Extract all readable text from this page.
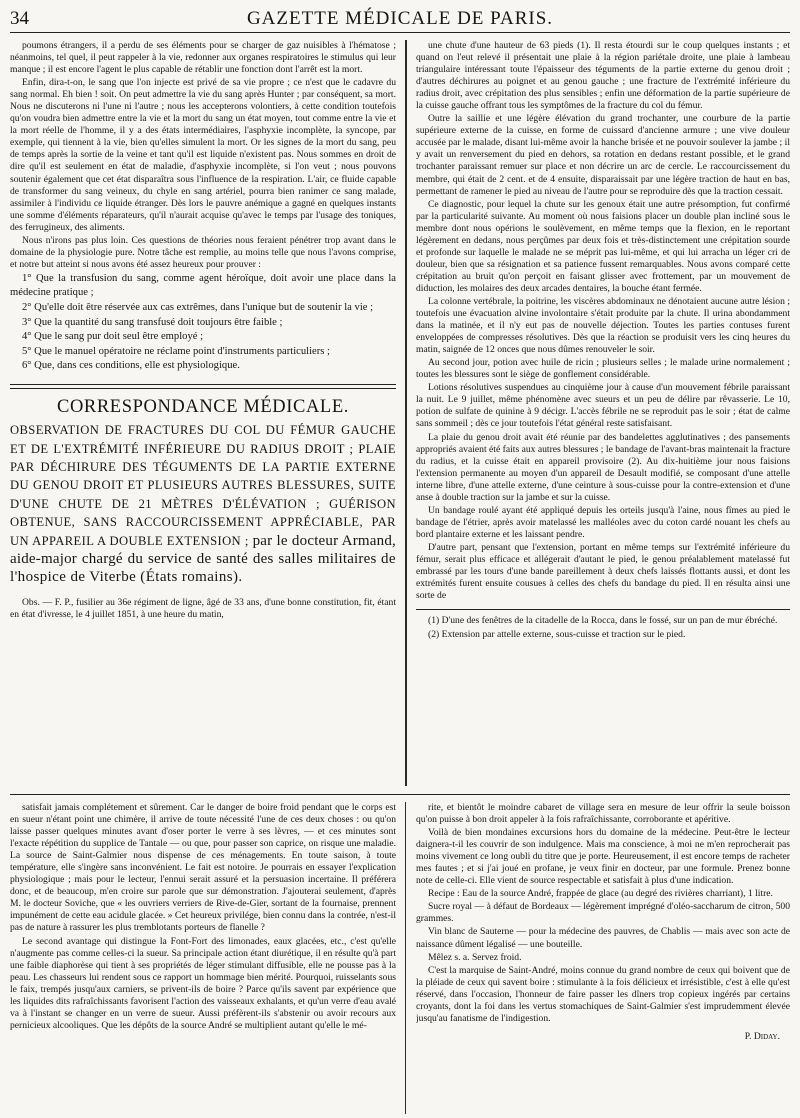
34	GAZETTE MÉDICALE DE PARIS.

poumons étrangers, il a perdu de ses éléments pour se charger de gaz nuisibles à l'hématose ; néanmoins, tel quel, il peut rappeler à la vie, redonner aux organes respiratoires le stimulus qui leur manque ; il est encore l'agent le plus capable de rétablir une fonction dont l'arrêt est la mort.

Enfin, dira-t-on, le sang que l'on injecte est privé de sa vie propre ; ce n'est que le cadavre du sang normal. Eh bien ! soit. On peut admettre la vie du sang après Hunter ; par conséquent, sa mort. Nous ne discuterons ni l'une ni l'autre ; nous les accepterons volontiers, à cette condition toutefois qu'on voudra bien admettre entre la vie et la mort du sang un état moyen, tout comme entre la vie et la mort réelle de l'homme, il y a des états intermédiaires, l'asphyxie incomplète, la syncope, par exemple, qui tiennent à la vie, bien qu'elles simulent la mort. Or les signes de la mort du sang, peu de temps après la sortie de la veine et tant qu'il est liquide n'existent pas. Nous sommes en droit de dire qu'il est seulement en état de maladie, d'asphyxie incomplète, si l'on veut ; nous pouvons soutenir également que cet état disparaîtra sous l'influence de la respiration. L'air, ce fluide capable de transformer du sang veineux, du chyle en sang artériel, pourra bien ranimer ce sang malade, assimiler à l'individu ce liquide étranger. Dès lors le pauvre anémique a gagné en quelques instants une somme d'éléments réparateurs, qu'il n'aurait acquise qu'avec le temps par l'usage des toniques, des ferrugineux, des aliments.

Nous n'irons pas plus loin. Ces questions de théories nous feraient pénétrer trop avant dans le domaine de la physiologie pure. Notre tâche est remplie, au moins telle que nous l'avons comprise, et notre but atteint si nous avons été assez heureux pour prouver :

1° Que la transfusion du sang, comme agent héroïque, doit avoir une place dans la médecine pratique ;

2° Qu'elle doit être réservée aux cas extrêmes, dans l'unique but de soutenir la vie ;

3° Que la quantité du sang transfusé doit toujours être faible ;

4° Que le sang pur doit seul être employé ;

5° Que le manuel opératoire ne réclame point d'instruments particuliers ;

6° Que, dans ces conditions, elle est physiologique.

CORRESPONDANCE MÉDICALE.

OBSERVATION DE FRACTURES DU COL DU FÉMUR GAUCHE ET DE L'EXTRÉMITÉ INFÉRIEURE DU RADIUS DROIT ; PLAIE PAR DÉCHIRURE DES TÉGUMENTS DE LA PARTIE EXTERNE DU GENOU DROIT ET PLUSIEURS AUTRES BLESSURES, SUITE D'UNE CHUTE DE 21 MÈTRES D'ÉLÉVATION ; GUÉRISON OBTENUE, SANS RACCOURCISSEMENT APPRÉCIABLE, PAR UN APPAREIL A DOUBLE EXTENSION ; par le docteur Armand, aide-major chargé du service de santé des salles militaires de l'hospice de Viterbe (États romains).

Obs. — F. P., fusilier au 36e régiment de ligne, âgé de 33 ans, d'une bonne constitution, fit, étant en état d'ivresse, le 4 juillet 1851, à une heure du matin,

une chute d'une hauteur de 63 pieds (1). Il resta étourdi sur le coup quelques instants ; et quand on l'eut relevé il présentait une plaie à la région pariétale droite, une plaie à lambeau triangulaire intéressant toute l'épaisseur des téguments de la partie externe du genou droit ; d'autres déchirures au poignet et au genou gauche ; une fracture de l'extrémité inférieure du radius droit, avec crépitation des plus sensibles ; enfin une déformation de la partie supérieure de la cuisse gauche offrant tous les symptômes de la fracture du col du fémur.

Outre la saillie et une légère élévation du grand trochanter, une courbure de la partie supérieure externe de la cuisse, en forme de cuissard d'ancienne armure ; une vive douleur accusée par le malade, disant lui-même avoir la hanche brisée et ne pouvoir soulever la jambe ; il y avait un renversement du pied en dehors, sa rotation en dedans restant possible, et le grand trochanter paraissant remuer sur place et non décrire un arc de cercle. Le raccourcissement du membre, qui était de 2 cent. et de 4 ensuite, disparaissait par une légère traction de haut en bas, permettant de ramener le pied au niveau de l'autre pour se reproduire dès que la traction cessait.

Ce diagnostic, pour lequel la chute sur les genoux était une autre présomption, fut confirmé par la particularité suivante. Au moment où nous faisions placer un double plan incliné sous le membre dont nous opérions le soulèvement, en même temps que la flexion, en le reportant légèrement en dedans, nous perçûmes par deux fois et très-distinctement une crépitation sourde et profonde sur laquelle le malade ne se méprit pas lui-même, et qui lui arracha un léger cri de douleur, bien que sa résignation et sa patience fussent remarquables. Nous avons comparé cette crépitation au bruit qu'on perçoit en faisant glisser avec frottement, par un mouvement de diduction, les molaires des deux arcades dentaires, la bouche étant fermée.

La colonne vertébrale, la poitrine, les viscères abdominaux ne dénotaient aucune autre lésion ; toutefois une évacuation alvine involontaire s'était produite par la chute. Il urina abondamment dans la matinée, et il n'y eut pas de nouvelle déjection. Toutes les parties contuses furent enveloppées de compresses résolutives. Dès que la réaction se produisit vers les cinq heures du matin, saignée de 12 onces que nous dûmes renouveler le soir.

Au second jour, potion avec huile de ricin ; plusieurs selles ; le malade urine normalement ; toutes les blessures sont le siège de gonflement considérable.

Lotions résolutives suspendues au cinquième jour à cause d'un mouvement fébrile paraissant la nuit. Le 9 juillet, même phénomène avec sueurs et un peu de délire par rêvasserie. Le 10, potion de sulfate de quinine à 9 décigr. L'accès fébrile ne se reproduit pas le soir ; état de calme sans sommeil ; dès ce jour toutefois l'état général reste satisfaisant.

La plaie du genou droit avait été réunie par des bandelettes agglutinatives ; des pansements appropriés avaient été faits aux autres blessures ; le bandage de l'avant-bras maintenait la fracture du radius, et la cuisse était en appareil provisoire (2). Au dix-huitième jour nous faisions l'extension permanente au moyen d'un appareil de Desault modifié, se composant d'une attelle interne libre, d'une attelle externe, d'une ceinture à sous-cuisse pour la contre-extension et d'une anse à double traction sur la jambe et sur la cuisse.

Un bandage roulé ayant été appliqué depuis les orteils jusqu'à l'aine, nous fîmes au pied le bandage de l'étrier, après avoir matelassé les malléoles avec du coton cardé nouant les chefs au bord plantaire externe et les laissant pendre.

D'autre part, pensant que l'extension, portant en même temps sur l'extrémité inférieure du fémur, serait plus efficace et allégerait d'autant le pied, le genou préalablement matelassé fut embrassé par les tours d'une bande pareillement à deux chefs laissés flottants aussi, et dont les extrémités furent ensuite cousues à celles des chefs du bandage du pied. Il en résulta ainsi une sorte de

(1) D'une des fenêtres de la citadelle de la Rocca, dans le fossé, sur un pan de mur ébréché.

(2) Extension par attelle externe, sous-cuisse et traction sur le pied.

satisfait jamais complétement et sûrement. Car le danger de boire froid pendant que le corps est en sueur n'étant point une chimère, il arrive de toute nécessité l'une de ces deux choses : ou qu'on laisse passer quelques minutes avant d'oser porter le verre à ses lèvres, — et ces minutes sont l'exacte répétition du supplice de Tantale — ou que, pour passer son caprice, on risque une maladie. La source de Saint-Galmier nous dispense de ces ménagements. En toute saison, à toute température, elle s'ingère sans inconvénient. Le fait est notoire. Je pourrais en essayer l'explication physiologique ; mais pour le lecteur, l'ennui serait assuré et la persuasion incertaine. Il préférera donc, et de beaucoup, m'en croire sur parole que sur démonstration. J'ajouterai seulement, d'après M. le docteur Soviche, que « les ouvriers verriers de Rive-de-Gier, sortant de la fournaise, prennent impunément de cette eau acidule glacée. » Cet heureux privilége, bien connu dans la contrée, n'est-il pas de nature à rassurer les plus tremblotants porteurs de flanelle ?

Le second avantage qui distingue la Font-Fort des limonades, eaux glacées, etc., c'est qu'elle n'augmente pas comme celles-ci la sueur. Sa principale action étant diurétique, il en résulte qu'à part une faible diaphorèse qui tient à ses propriétés de léger stimulant diffusible, elle ne pousse pas à la peau. Les chasseurs lui rendent sous ce rapport un hommage bien mérité. Pourquoi, ruisselants sous le faix, trempés jusqu'aux carniers, se privent-ils de boire ? Parce qu'ils savent par expérience que les liquides dits rafraîchissants favorisent l'action des vaisseaux exhalants, et qu'un verre d'eau avalé va à l'instant se changer en un verre de sueur. Aussi préfèrent-ils s'abstenir ou avoir recours aux pernicieux alcooliques. Que les dépôts de la source André se multiplient autant qu'elle le mé-

rite, et bientôt le moindre cabaret de village sera en mesure de leur offrir la seule boisson qu'on puisse à bon droit appeler à la fois rafraîchissante, corroborante et apéritive.

Voilà de bien mondaines excursions hors du domaine de la médecine. Peut-être le lecteur daignera-t-il les couvrir de son indulgence. Mais ma conscience, à moi ne m'en reprocherait pas moins vivement ce long oubli du titre que je porte. Heureusement, il est encore temps de racheter mes fautes ; et si j'ai joué en profane, je veux finir en docteur, par une formule. Prenez bonne note de celle-ci. Elle vient de source respectable et satisfait à plus d'une indication.

Recipe : Eau de la source André, frappée de glace (au degré des rivières charriant), 1 litre.

Sucre royal — à défaut de Bordeaux — légèrement imprégné d'oléo-saccharum de citron, 500 grammes.

Vin blanc de Sauterne — pour la médecine des pauvres, de Chablis — mais avec son acte de naissance dûment légalisé — une bouteille.

Mêlez s. a. Servez froid.

C'est la marquise de Saint-André, moins connue du grand nombre de ceux qui boivent que de la pléiade de ceux qui savent boire : stimulante à la fois délicieux et irrésistible, c'est à elle qu'est réservé, dans l'occasion, l'honneur de faire passer les dîners trop copieux ingérés par certains croyants, dont la foi dans les vertus stomachiques de Saint-Galmier s'est imprudemment élevée jusqu'au fanatisme de l'indigestion.

P. Diday.
